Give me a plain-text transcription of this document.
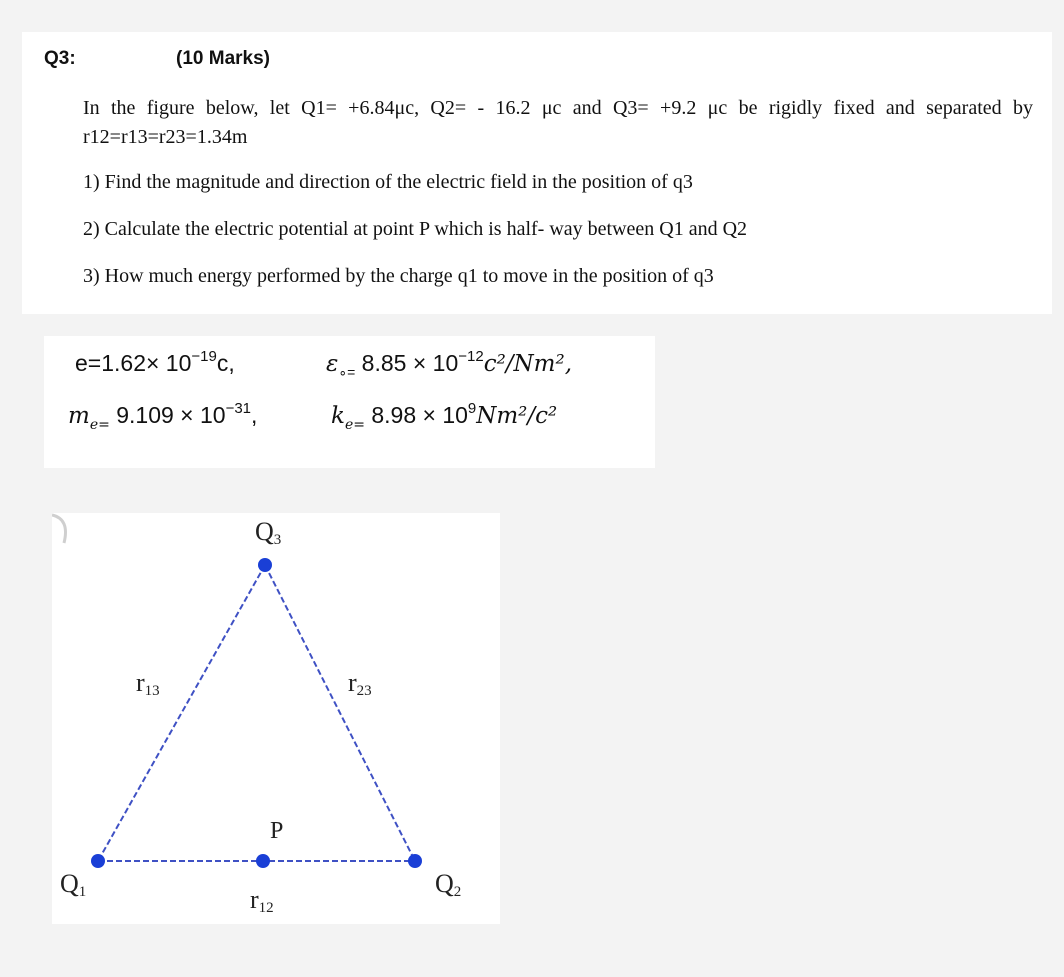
Q3:	(10 Marks)
In the figure below, let Q1= +6.84μc, Q2= - 16.2 μc and Q3= +9.2 μc be rigidly fixed and separated by r12=r13=r23=1.34m
1) Find the magnitude and direction of the electric field in the position of q3
2) Calculate the electric potential at point P which is half- way between Q1 and Q2
3) How much energy performed by the charge q1 to move in the position of q3
$e=1.62\times 10^{-19}c$,	$\varepsilon_{\circ=}$ $8.85 \times 10^{-12}c^2$/Nm²,
$m_{e=}$ $9.109 \times 10^{-31}$,	$k_{e=}$ $8.98 \times 10^9Nm^2/c^2$
$Q_3$
$Q_1$	$Q_2$
$r_{13}$	$r_{23}$
$r_{12}$
P
